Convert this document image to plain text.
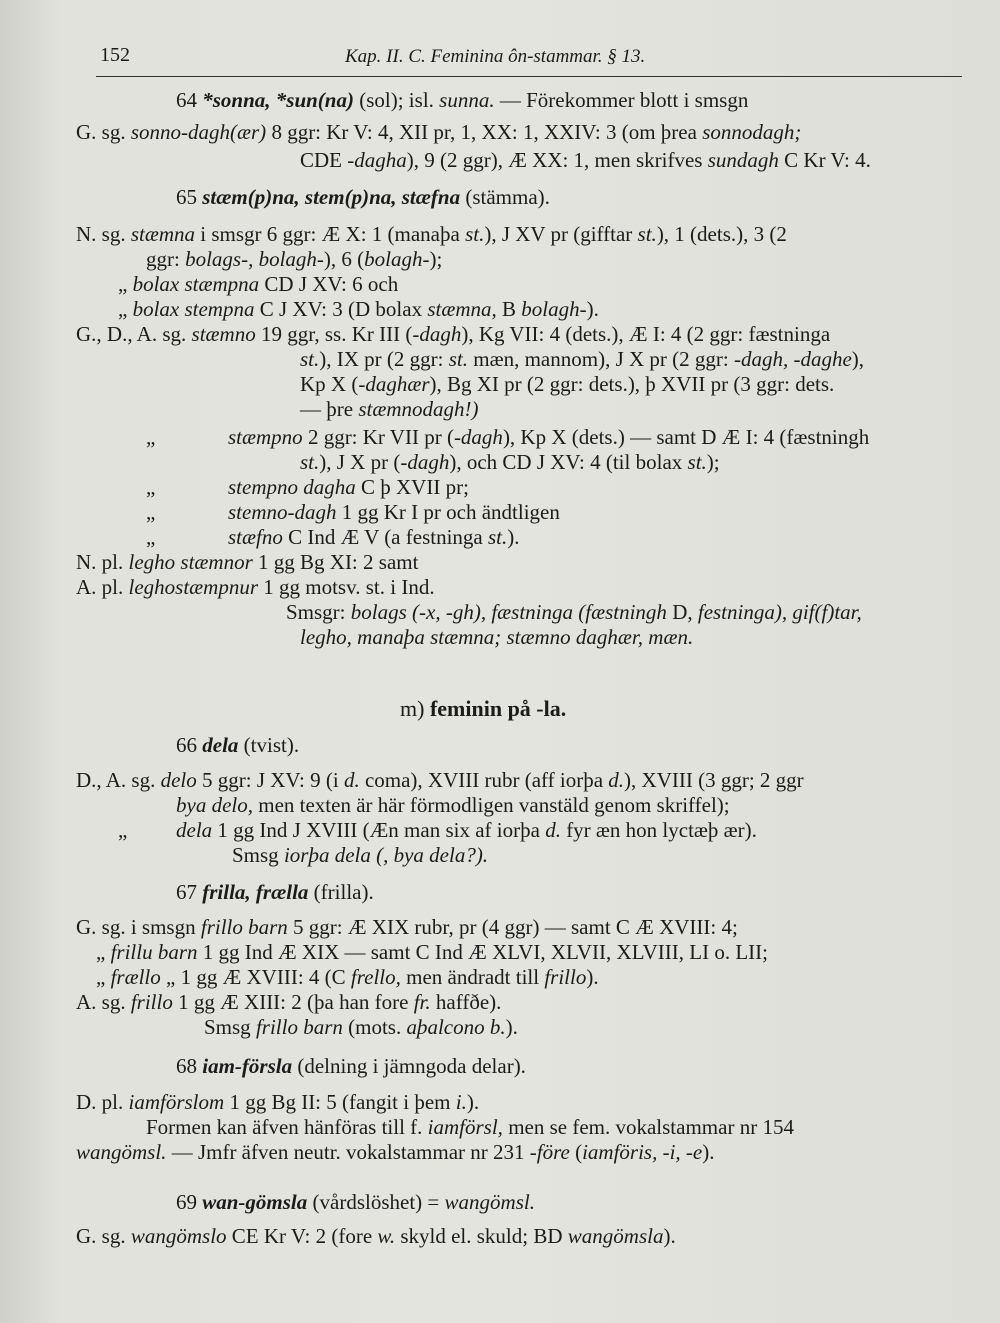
152	Kap. II. C. Feminina ôn-stammar. § 13.
64 *sonna, *sun(na) (sol); isl. sunna. — Förekommer blott i smsgn
G. sg. sonno-dagh(ær) 8 ggr: Kr V: 4, XII pr, 1, XX: 1, XXIV: 3 (om þrea sonnodagh;
CDE -dagha), 9 (2 ggr), Æ XX: 1, men skrifves sundagh C Kr V: 4.
65 stæm(p)na, stem(p)na, stæfna (stämma).
N. sg. stæmna i smsgr 6 ggr: Æ X: 1 (manaþa st.), J XV pr (gifftar st.), 1 (dets.), 3 (2
ggr: bolags-, bolagh-), 6 (bolagh-);
„ bolax stæmpna CD J XV: 6 och
„ bolax stempna C J XV: 3 (D bolax stæmna, B bolagh-).
G., D., A. sg. stæmno 19 ggr, ss. Kr III (-dagh), Kg VII: 4 (dets.), Æ I: 4 (2 ggr: fæstninga
st.), IX pr (2 ggr: st. mæn, mannom), J X pr (2 ggr: -dagh, -daghe),
Kp X (-daghær), Bg XI pr (2 ggr: dets.), þ XVII pr (3 ggr: dets.
— þre stæmnodagh!)
„	stæmpno 2 ggr: Kr VII pr (-dagh), Kp X (dets.) — samt D Æ I: 4 (fæstningh
st.), J X pr (-dagh), och CD J XV: 4 (til bolax st.);
„	stempno dagha C þ XVII pr;
„	stemno-dagh 1 gg Kr I pr och ändtligen
„	stæfno C Ind Æ V (a festninga st.).
N. pl. legho stæmnor 1 gg Bg XI: 2 samt
A. pl. leghostæmpnur 1 gg motsv. st. i Ind.
Smsgr: bolags (-x, -gh), fæstninga (fæstningh D, festninga), gif(f)tar,
legho, manaþa stæmna; stæmno daghær, mæn.
m) feminin på -la.
66 dela (tvist).
D., A. sg. delo 5 ggr: J XV: 9 (i d. coma), XVIII rubr (aff iorþa d.), XVIII (3 ggr; 2 ggr
bya delo, men texten är här förmodligen vanstäld genom skriffel);
„ dela 1 gg Ind J XVIII (Æn man six af iorþa d. fyr æn hon lyctæþ ær).
Smsg iorþa dela (, bya dela?).
67 frilla, frælla (frilla).
G. sg. i smsgn frillo barn 5 ggr: Æ XIX rubr, pr (4 ggr) — samt C Æ XVIII: 4;
„ frillu barn 1 gg Ind Æ XIX — samt C Ind Æ XLVI, XLVII, XLVIII, LI o. LII;
„ frællo „ 1 gg Æ XVIII: 4 (C frello, men ändradt till frillo).
A. sg. frillo 1 gg Æ XIII: 2 (þa han fore fr. haffðe).
Smsg frillo barn (mots. aþalcono b.).
68 iam-försla (delning i jämngoda delar).
D. pl. iamförslom 1 gg Bg II: 5 (fangit i þem i.).
Formen kan äfven hänföras till f. iamförsl, men se fem. vokalstammar nr 154
wangömsl. — Jmfr äfven neutr. vokalstammar nr 231 -före (iamföris, -i, -e).
69 wan-gömsla (vårdslöshet) = wangömsl.
G. sg. wangömslo CE Kr V: 2 (fore w. skyld el. skuld; BD wangömsla).
